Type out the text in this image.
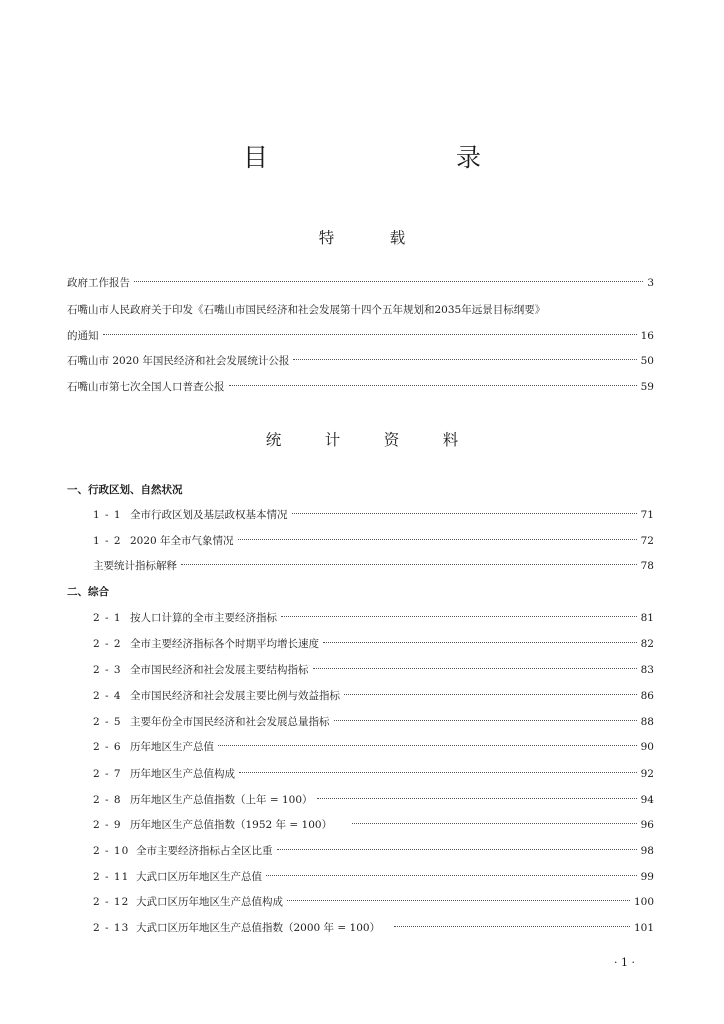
目　　录
特　载
政府工作报告	3
石嘴山市人民政府关于印发《石嘴山市国民经济和社会发展第十四个五年规划和2035年远景目标纲要》
的通知	16
石嘴山市 2020 年国民经济和社会发展统计公报	50
石嘴山市第七次全国人口普查公报	59
统　计　资　料
一、行政区划、自然状况
1 - 1 全市行政区划及基层政权基本情况	71
1 - 2 2020 年全市气象情况	72
主要统计指标解释	78
二、综合
2 - 1 按人口计算的全市主要经济指标	81
2 - 2 全市主要经济指标各个时期平均增长速度	82
2 - 3 全市国民经济和社会发展主要结构指标	83
2 - 4 全市国民经济和社会发展主要比例与效益指标	86
2 - 5 主要年份全市国民经济和社会发展总量指标	88
2 - 6 历年地区生产总值	90
2 - 7 历年地区生产总值构成	92
2 - 8 历年地区生产总值指数（上年 = 100）	94
2 - 9 历年地区生产总值指数（1952 年 = 100）	96
2 - 10 全市主要经济指标占全区比重	98
2 - 11 大武口区历年地区生产总值	99
2 - 12 大武口区历年地区生产总值构成	100
2 - 13 大武口区历年地区生产总值指数（2000 年 = 100）	101
· 1 ·
